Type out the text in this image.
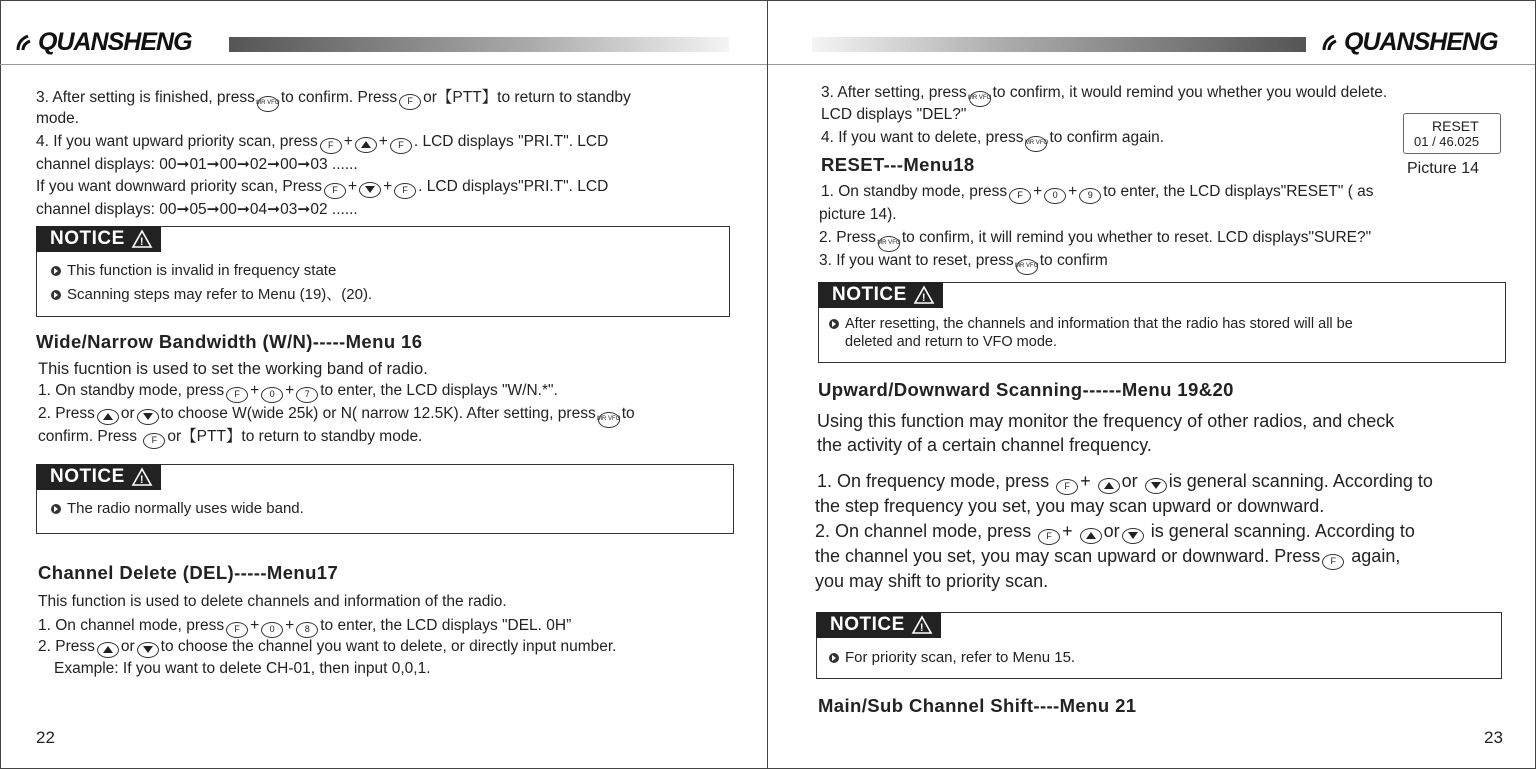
QUANSHENG	QUANSHENG
3. After setting is finished, pressMR VFOto confirm. Press F or【PTT】to return to standby
mode.
4. If you want upward priority scan, press F + + F . LCD displays "PRI.T". LCD
channel displays: 00➞01➞00➞02➞00➞03 ......
If you want downward priority scan, Press F + + F . LCD displays"PRI.T". LCD
channel displays: 00➞05➞00➞04➞03➞02 ......
NOTICE !
This function is invalid in frequency state
Scanning steps may refer to Menu (19)、(20).
Wide/Narrow Bandwidth (W/N)-----Menu 16
This fucntion is used to set the working band of radio.
1. On standby mode, press F + 0 + 7 to enter, the LCD displays "W/N.*".
2. Press or to choose W(wide 25k) or N( narrow 12.5K). After setting, pressMR VFOto
confirm. Press F or【PTT】to return to standby mode.
NOTICE !
The radio normally uses wide band.
Channel Delete (DEL)-----Menu17
This function is used to delete channels and information of the radio.
1. On channel mode, press F + 0 + 8 to enter, the LCD displays "DEL. 0H”
2. Press or to choose the channel you want to delete, or directly input number.
Example: If you want to delete CH-01, then input 0,0,1.
22
3. After setting, pressMR VFOto confirm, it would remind you whether you would delete.
LCD displays "DEL?"
4. If you want to delete, pressMR VFOto confirm again.
RESET
01 / 46.025
Picture 14
RESET---Menu18
1. On standby mode, press F + 0 + 9 to enter, the LCD displays"RESET" ( as
picture 14).
2. PressMR VFOto confirm, it will remind you whether to reset. LCD displays"SURE?"
3. If you want to reset, pressMR VFOto confirm
NOTICE !
After resetting, the channels and information that the radio has stored will all be
deleted and return to VFO mode.
Upward/Downward Scanning------Menu 19&20
Using this function may monitor the frequency of other radios, and check
the activity of a certain channel frequency.
1. On frequency mode, press F + or is general scanning. According to
the step frequency you set, you may scan upward or downward.
2. On channel mode, press F + or is general scanning. According to
the channel you set, you may scan upward or downward. Press F again,
you may shift to priority scan.
NOTICE !
For priority scan, refer to Menu 15.
Main/Sub Channel Shift----Menu 21
23
